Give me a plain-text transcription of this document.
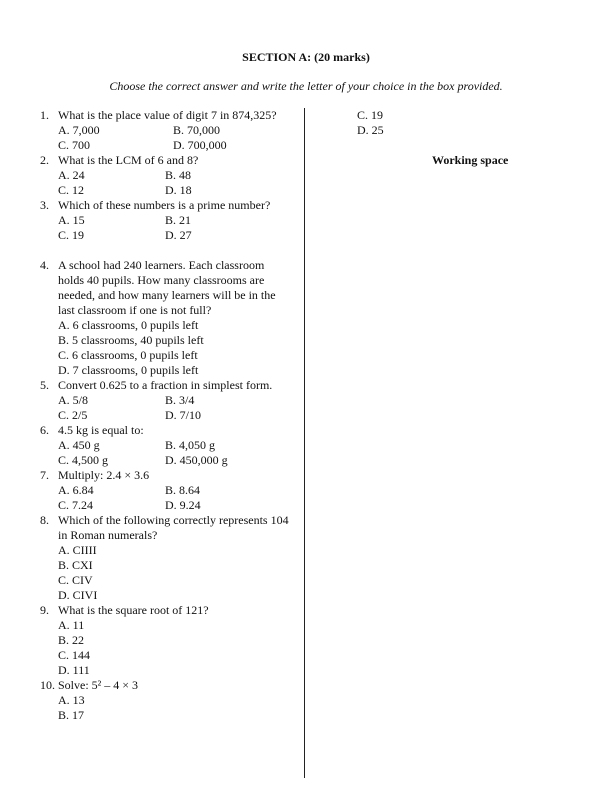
SECTION A: (20 marks)
Choose the correct answer and write the letter of your choice in the box provided.
1. What is the place value of digit 7 in 874,325?
A. 7,000	B. 70,000
C. 700	D. 700,000
2. What is the LCM of 6 and 8?
A. 24	B. 48
C. 12	D. 18
3. Which of these numbers is a prime number?
A. 15	B. 21
C. 19	D. 27
4. A school had 240 learners. Each classroom holds 40 pupils. How many classrooms are needed, and how many learners will be in the last classroom if one is not full?
A. 6 classrooms, 0 pupils left
B. 5 classrooms, 40 pupils left
C. 6 classrooms, 0 pupils left
D. 7 classrooms, 0 pupils left
5. Convert 0.625 to a fraction in simplest form.
A. 5/8	B. 3/4
C. 2/5	D. 7/10
6. 4.5 kg is equal to:
A. 450 g	B. 4,050 g
C. 4,500 g	D. 450,000 g
7. Multiply: 2.4 × 3.6
A. 6.84	B. 8.64
C. 7.24	D. 9.24
8. Which of the following correctly represents 104 in Roman numerals?
A. CIIII
B. CXI
C. CIV
D. CIVI
9. What is the square root of 121?
A. 11
B. 22
C. 144
D. 111
10. Solve: 5² – 4 × 3
A. 13
B. 17
C. 19
D. 25
Working space
